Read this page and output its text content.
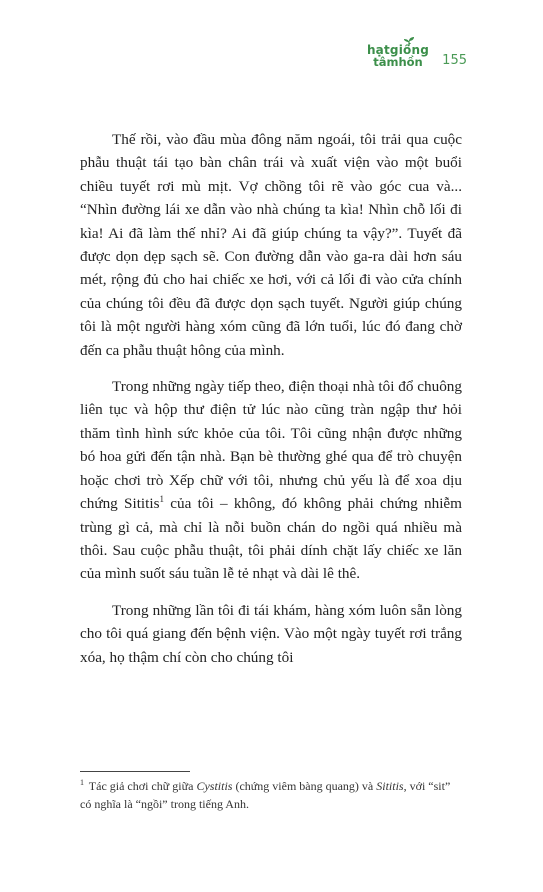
hạtgiống
tâmhồn	155

Thế rồi, vào đầu mùa đông năm ngoái, tôi trải qua cuộc phẫu thuật tái tạo bàn chân trái và xuất viện vào một buổi chiều tuyết rơi mù mịt. Vợ chồng tôi rẽ vào góc cua và... “Nhìn đường lái xe dẫn vào nhà chúng ta kìa! Nhìn chỗ lối đi kìa! Ai đã làm thế nhỉ? Ai đã giúp chúng ta vậy?”. Tuyết đã được dọn dẹp sạch sẽ. Con đường dẫn vào ga-ra dài hơn sáu mét, rộng đủ cho hai chiếc xe hơi, với cả lối đi vào cửa chính của chúng tôi đều đã được dọn sạch tuyết. Người giúp chúng tôi là một người hàng xóm cũng đã lớn tuổi, lúc đó đang chờ đến ca phẫu thuật hông của mình.

Trong những ngày tiếp theo, điện thoại nhà tôi đổ chuông liên tục và hộp thư điện tử lúc nào cũng tràn ngập thư hỏi thăm tình hình sức khỏe của tôi. Tôi cũng nhận được những bó hoa gửi đến tận nhà. Bạn bè thường ghé qua để trò chuyện hoặc chơi trò Xếp chữ với tôi, nhưng chủ yếu là để xoa dịu chứng Sititis$^1$ của tôi – không, đó không phải chứng nhiễm trùng gì cả, mà chỉ là nỗi buồn chán do ngồi quá nhiều mà thôi. Sau cuộc phẫu thuật, tôi phải dính chặt lấy chiếc xe lăn của mình suốt sáu tuần lễ tẻ nhạt và dài lê thê.

Trong những lần tôi đi tái khám, hàng xóm luôn sẵn lòng cho tôi quá giang đến bệnh viện. Vào một ngày tuyết rơi trắng xóa, họ thậm chí còn cho chúng tôi

$^1$ Tác giả chơi chữ giữa Cystitis (chứng viêm bàng quang) và Sititis, với “sit” có nghĩa là “ngồi” trong tiếng Anh.
